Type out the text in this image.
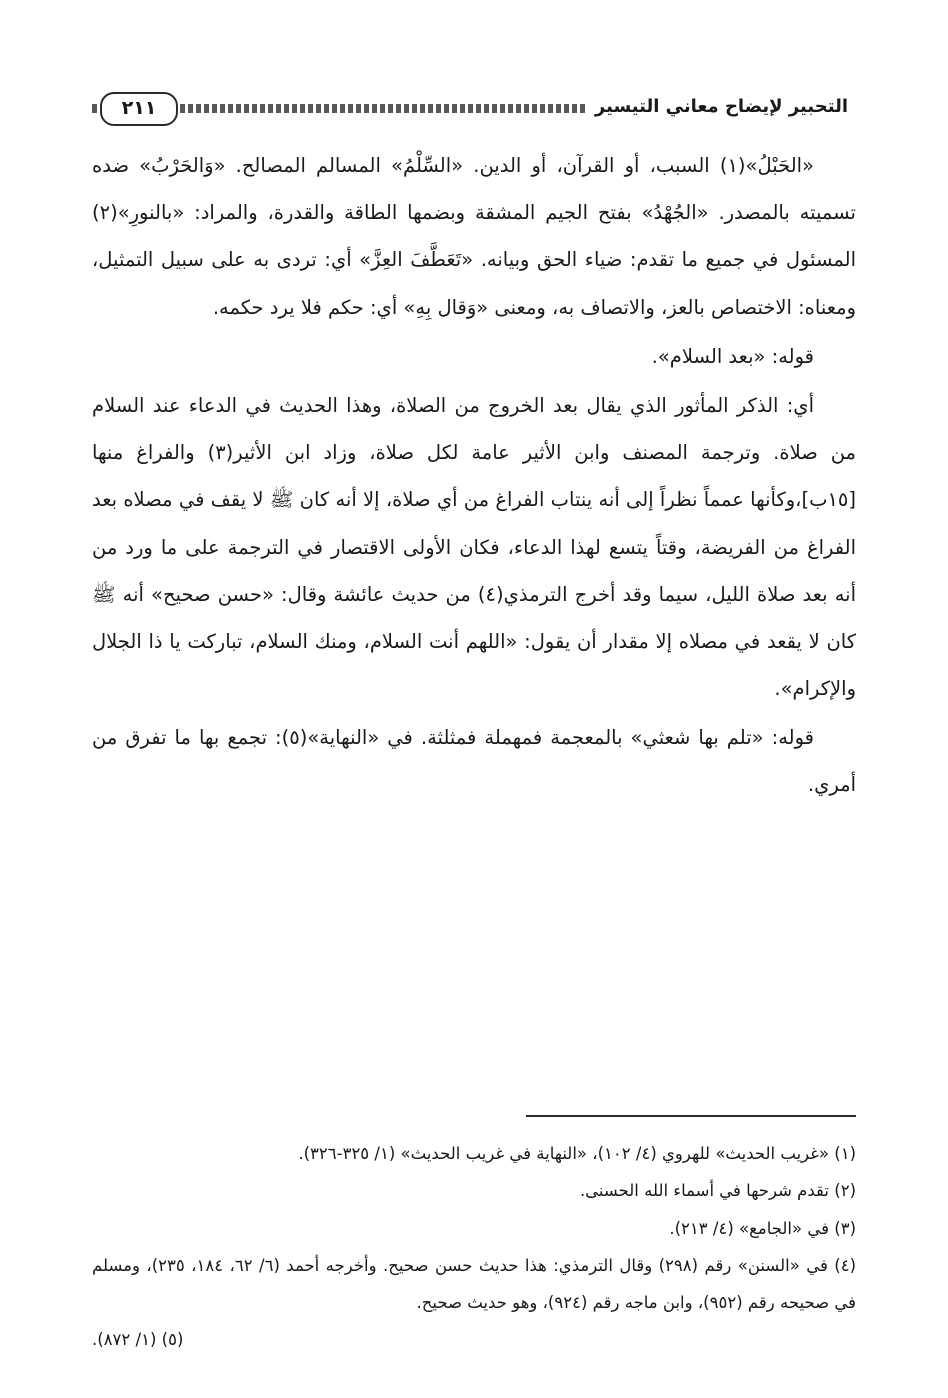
التحبير لإيضاح معاني التيسير
٢١١

«الحَبْلُ»(١) السبب، أو القرآن، أو الدين. «السِّلْمُ» المسالم المصالح. «وَالحَرْبُ» ضده تسميته بالمصدر. «الجُهْدُ» بفتح الجيم المشقة وبضمها الطاقة والقدرة، والمراد: «بالنورِ»(٢) المسئول في جميع ما تقدم: ضياء الحق وبيانه. «تَعَطَّفَ العِزَّ» أي: تردى به على سبيل التمثيل، ومعناه: الاختصاص بالعز، والاتصاف به، ومعنى «وَقال بِهِ» أي: حكم فلا يرد حكمه.

قوله: «بعد السلام».

أي: الذكر المأثور الذي يقال بعد الخروج من الصلاة، وهذا الحديث في الدعاء عند السلام من صلاة. وترجمة المصنف وابن الأثير عامة لكل صلاة، وزاد ابن الأثير(٣) والفراغ منها [١٥ب]،وكأنها عمماً نظراً إلى أنه ينتاب الفراغ من أي صلاة، إلا أنه كان ﷺ لا يقف في مصلاه بعد الفراغ من الفريضة، وقتاً يتسع لهذا الدعاء، فكان الأولى الاقتصار في الترجمة على ما ورد من أنه بعد صلاة الليل، سيما وقد أخرج الترمذي(٤) من حديث عائشة وقال: «حسن صحيح» أنه ﷺ كان لا يقعد في مصلاه إلا مقدار أن يقول: «اللهم أنت السلام، ومنك السلام، تباركت يا ذا الجلال والإكرام».

قوله: «تلم بها شعثي» بالمعجمة فمهملة فمثلثة. في «النهاية»(٥): تجمع بها ما تفرق من أمري.

(١) «غريب الحديث» للهروي (٤/ ١٠٢)، «النهاية في غريب الحديث» (١/ ٣٢٥-٣٢٦).

(٢) تقدم شرحها في أسماء الله الحسنى.

(٣) في «الجامع» (٤/ ٢١٣).

(٤) في «السنن» رقم (٢٩٨) وقال الترمذي: هذا حديث حسن صحيح. وأخرجه أحمد (٦/ ٦٢، ١٨٤، ٢٣٥)، ومسلم في صحيحه رقم (٩٥٢)، وابن ماجه رقم (٩٢٤)، وهو حديث صحيح.

(٥) (١/ ٨٧٢).
